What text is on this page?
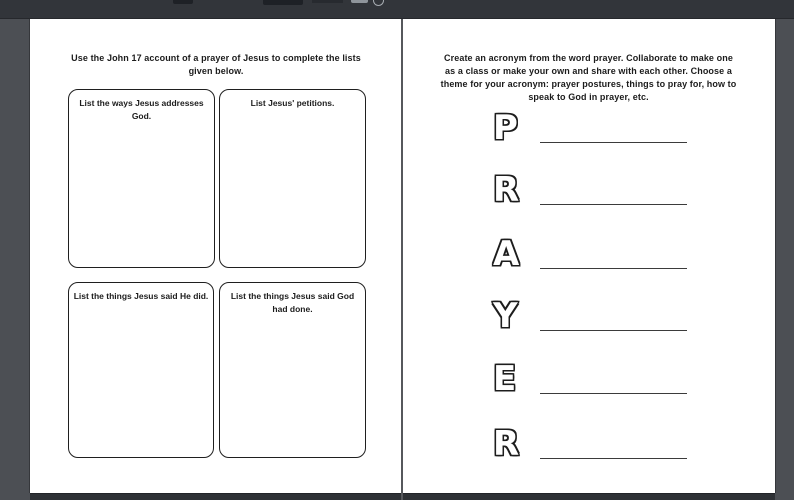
Use the John 17 account of a prayer of Jesus to complete the lists
given below.
List the ways Jesus addresses
God.
List Jesus' petitions.
List the things Jesus said He did.	List the things Jesus said God
had done.
Create an acronym from the word prayer. Collaborate to make one
as a class or make your own and share with each other. Choose a
theme for your acronym: prayer postures, things to pray for, how to
speak to God in prayer, etc.
P
R
A
Y
E
R
